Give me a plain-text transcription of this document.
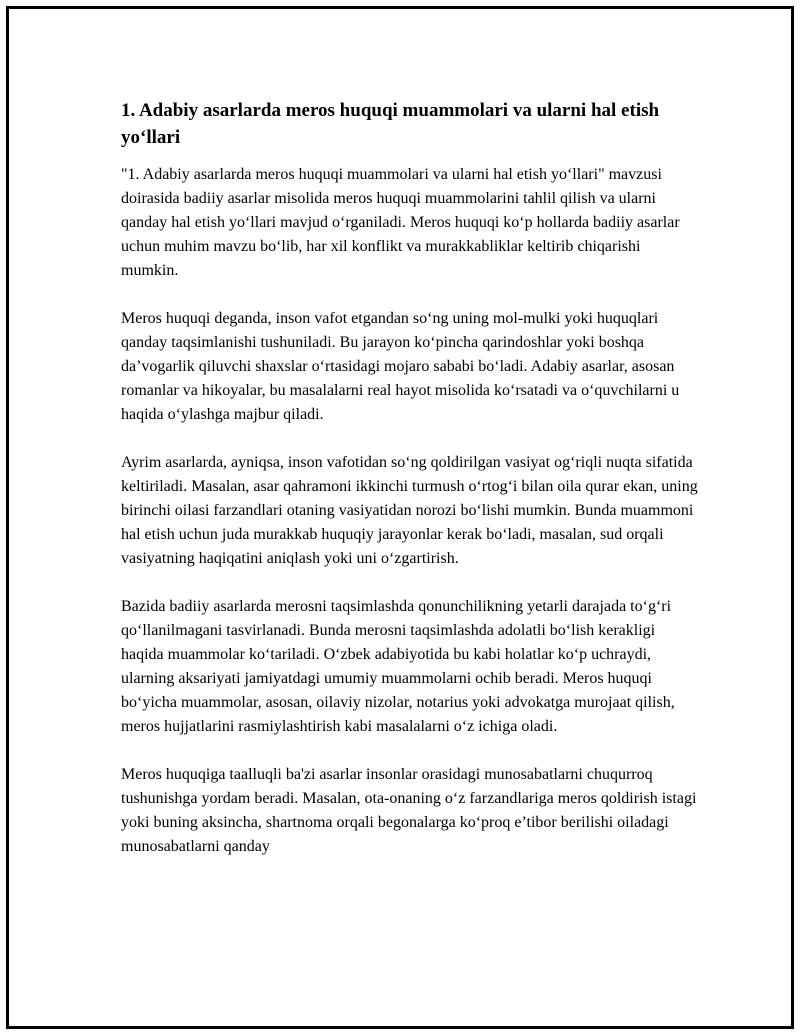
1. Adabiy asarlarda meros huquqi muammolari va ularni hal etish yo‘llari

"1. Adabiy asarlarda meros huquqi muammolari va ularni hal etish yo‘llari" mavzusi doirasida badiiy asarlar misolida meros huquqi muammolarini tahlil qilish va ularni qanday hal etish yo‘llari mavjud o‘rganiladi. Meros huquqi ko‘p hollarda badiiy asarlar uchun muhim mavzu bo‘lib, har xil konflikt va murakkabliklar keltirib chiqarishi mumkin.

Meros huquqi deganda, inson vafot etgandan so‘ng uning mol-mulki yoki huquqlari qanday taqsimlanishi tushuniladi. Bu jarayon ko‘pincha qarindoshlar yoki boshqa da’vogarlik qiluvchi shaxslar o‘rtasidagi mojaro sababi bo‘ladi. Adabiy asarlar, asosan romanlar va hikoyalar, bu masalalarni real hayot misolida ko‘rsatadi va o‘quvchilarni u haqida o‘ylashga majbur qiladi.

Ayrim asarlarda, ayniqsa, inson vafotidan so‘ng qoldirilgan vasiyat og‘riqli nuqta sifatida keltiriladi. Masalan, asar qahramoni ikkinchi turmush o‘rtog‘i bilan oila qurar ekan, uning birinchi oilasi farzandlari otaning vasiyatidan norozi bo‘lishi mumkin. Bunda muammoni hal etish uchun juda murakkab huquqiy jarayonlar kerak bo‘ladi, masalan, sud orqali vasiyatning haqiqatini aniqlash yoki uni o‘zgartirish.

Bazida badiiy asarlarda merosni taqsimlashda qonunchilikning yetarli darajada to‘g‘ri qo‘llanilmagani tasvirlanadi. Bunda merosni taqsimlashda adolatli bo‘lish kerakligi haqida muammolar ko‘tariladi. O‘zbek adabiyotida bu kabi holatlar ko‘p uchraydi, ularning aksariyati jamiyatdagi umumiy muammolarni ochib beradi. Meros huquqi bo‘yicha muammolar, asosan, oilaviy nizolar, notarius yoki advokatga murojaat qilish, meros hujjatlarini rasmiylashtirish kabi masalalarni o‘z ichiga oladi.

Meros huquqiga taalluqli ba'zi asarlar insonlar orasidagi munosabatlarni chuqurroq tushunishga yordam beradi. Masalan, ota-onaning o‘z farzandlariga meros qoldirish istagi yoki buning aksincha, shartnoma orqali begonalarga ko‘proq e’tibor berilishi oiladagi munosabatlarni qanday
